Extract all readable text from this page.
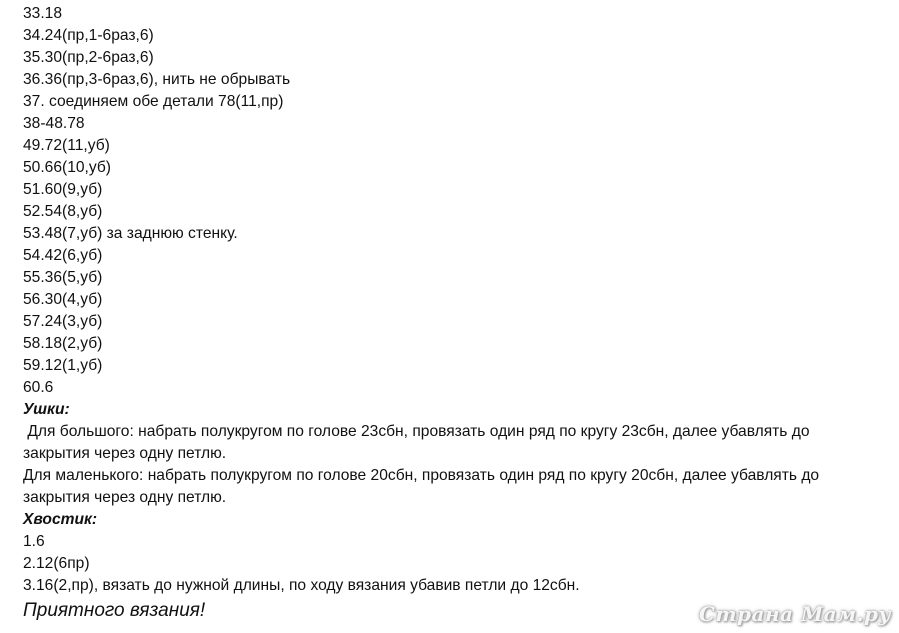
33.18
34.24(пр,1-6раз,6)
35.30(пр,2-6раз,6)
36.36(пр,3-6раз,6), нить не обрывать
37. соединяем обе детали 78(11,пр)
38-48.78
49.72(11,уб)
50.66(10,уб)
51.60(9,уб)
52.54(8,уб)
53.48(7,уб) за заднюю стенку.
54.42(6,уб)
55.36(5,уб)
56.30(4,уб)
57.24(3,уб)
58.18(2,уб)
59.12(1,уб)
60.6
Ушки:
Для большого: набрать полукругом по голове 23сбн, провязать один ряд по кругу 23сбн, далее убавлять до
закрытия через одну петлю.
Для маленького: набрать полукругом по голове 20сбн, провязать один ряд по кругу 20сбн, далее убавлять до
закрытия через одну петлю.
Хвостик:
1.6
2.12(6пр)
3.16(2,пр), вязать до нужной длины, по ходу вязания убавив петли до 12сбн.
Приятного вязания!	Страна Мам.ру
